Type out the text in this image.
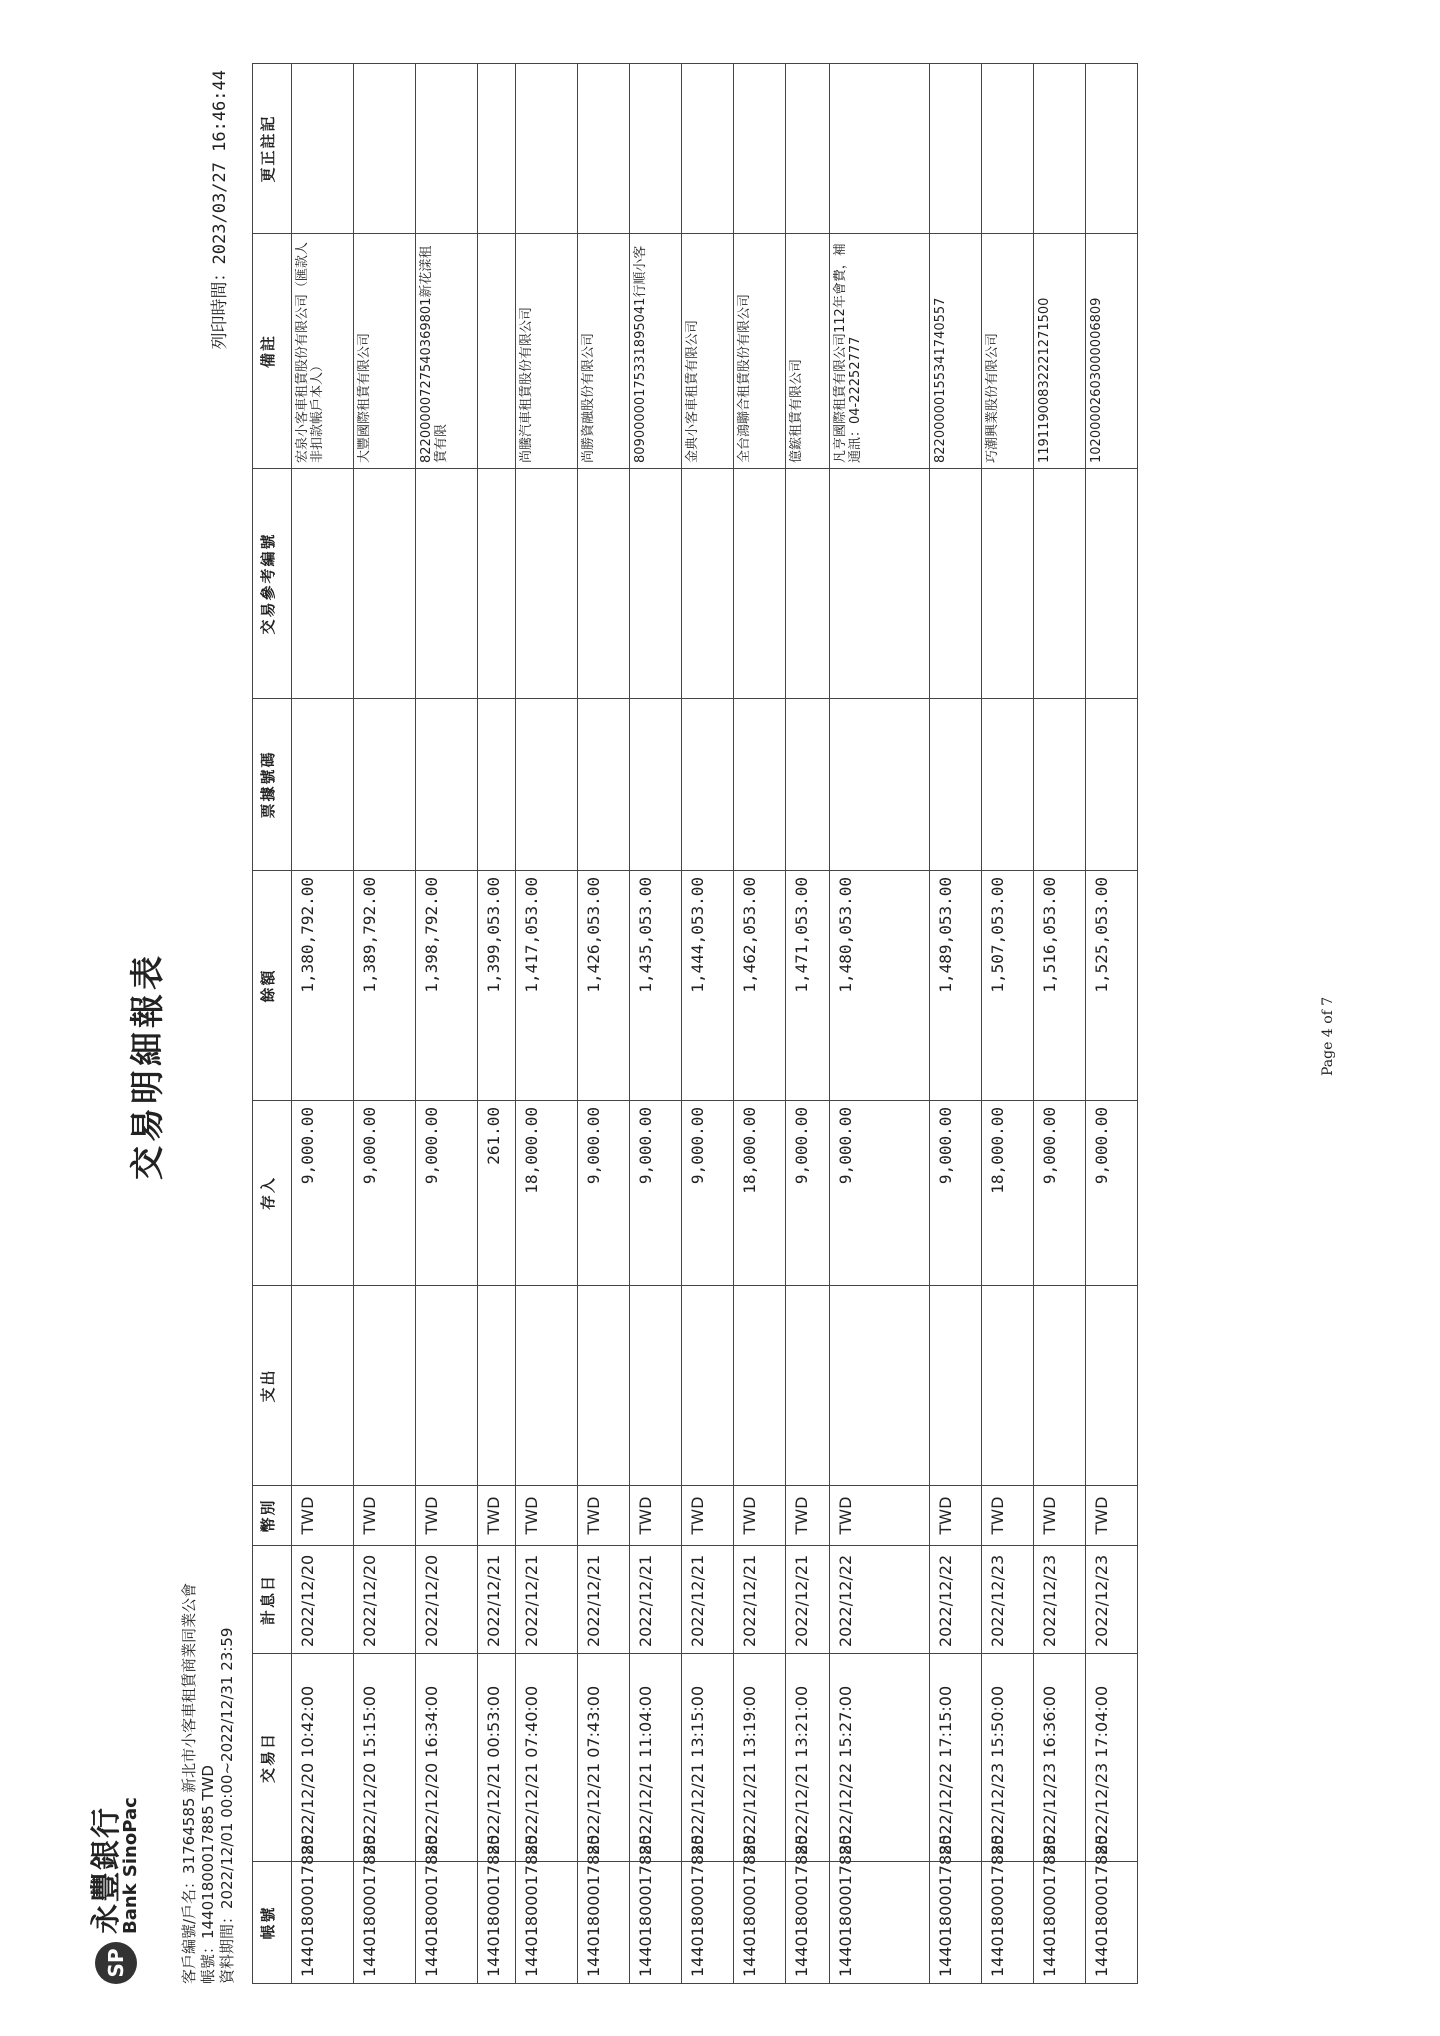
SP
永豐銀行
Bank SinoPac
交易明細報表
列印時間：2023/03/27 16:46:44
客戶編號/戶名：31764585 新北市小客車租賃商業同業公會 帳號：14401800017885 TWD 資料期間：2022/12/01 00:00~2022/12/31 23:59 帳號	交易日	計息日	幣別	支出	存入	餘額	票據號碼	交易參考編號	備註	更正註記
14401800017885	2022/12/20 10:42:00	2022/12/20	TWD		9,000.00	1,380,792.00			宏泉小客車租賃股份有限公司（匯款人非扣款帳戶本人）	
14401800017885	2022/12/20 15:15:00	2022/12/20	TWD		9,000.00	1,389,792.00			大豐國際租賃有限公司	
14401800017885	2022/12/20 16:34:00	2022/12/20	TWD		9,000.00	1,398,792.00			82200000727540369801新花漾租賃有限	
14401800017885	2022/12/21 00:53:00	2022/12/21	TWD		261.00	1,399,053.00				
14401800017885	2022/12/21 07:40:00	2022/12/21	TWD		18,000.00	1,417,053.00			尚騰汽車租賃股份有限公司	
14401800017885	2022/12/21 07:43:00	2022/12/21	TWD		9,000.00	1,426,053.00			尚勝資融股份有限公司	
14401800017885	2022/12/21 11:04:00	2022/12/21	TWD		9,000.00	1,435,053.00			80900000175331895041行順小客	
14401800017885	2022/12/21 13:15:00	2022/12/21	TWD		9,000.00	1,444,053.00			金典小客車租賃有限公司	
14401800017885	2022/12/21 13:19:00	2022/12/21	TWD		18,000.00	1,462,053.00			全台鴻聯合租賃股份有限公司	
14401800017885	2022/12/21 13:21:00	2022/12/21	TWD		9,000.00	1,471,053.00			億鋐租賃有限公司	
14401800017885	2022/12/22 15:27:00	2022/12/22	TWD		9,000.00	1,480,053.00			凡亨國際租賃有限公司112年會費，補通訊：04-22252777	
14401800017885	2022/12/22 17:15:00	2022/12/22	TWD		9,000.00	1,489,053.00			82200000155341740557	
14401800017885	2022/12/23 15:50:00	2022/12/23	TWD		18,000.00	1,507,053.00			巧潮興業股份有限公司	
14401800017885	2022/12/23 16:36:00	2022/12/23	TWD		9,000.00	1,516,053.00			11911900832221271500	
14401800017885	2022/12/23 17:04:00	2022/12/23	TWD		9,000.00	1,525,053.00			10200002603000006809	
Page 4 of 7
